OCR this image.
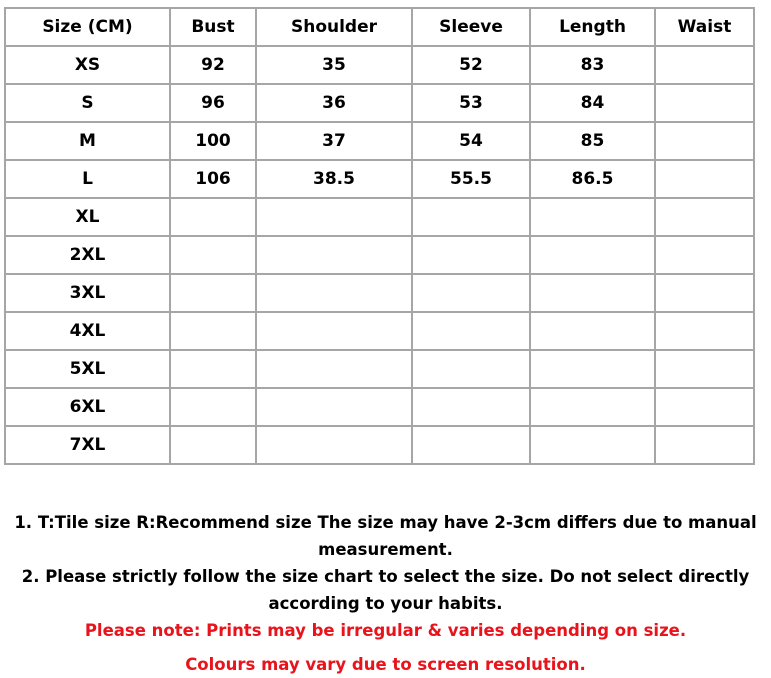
Size (CM)	Bust	Shoulder	Sleeve	Length	Waist
XS	92	35	52	83	
S	96	36	53	84	
M	100	37	54	85	
L	106	38.5	55.5	86.5	
XL					
2XL					
3XL					
4XL					
5XL					
6XL					
7XL					

1. T:Tile size R:Recommend size The size may have 2-3cm differs due to manual

measurement.

2. Please strictly follow the size chart to select the size. Do not select directly

according to your habits.

Please note: Prints may be irregular & varies depending on size.

Colours may vary due to screen resolution.
